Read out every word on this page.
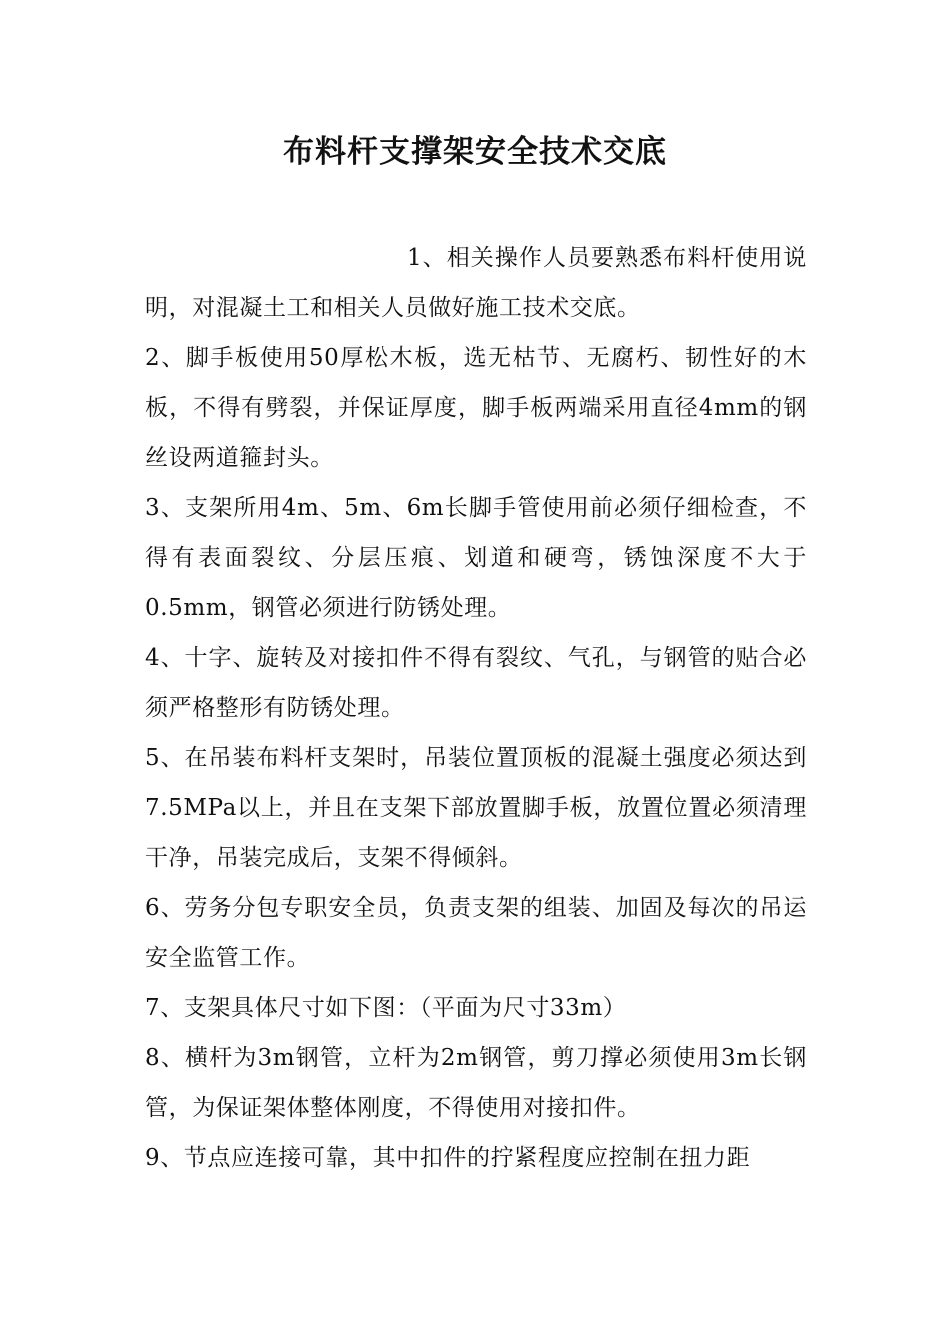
布料杆支撑架安全技术交底

1、相关操作人员要熟悉布料杆使用说明，对混凝土工和相关人员做好施工技术交底。

2、脚手板使用50厚松木板，选无枯节、无腐朽、韧性好的木板，不得有劈裂，并保证厚度，脚手板两端采用直径4mm的钢丝设两道箍封头。

3、支架所用4m、5m、6m长脚手管使用前必须仔细检查，不得有表面裂纹、分层压痕、划道和硬弯，锈蚀深度不大于0.5mm，钢管必须进行防锈处理。

4、十字、旋转及对接扣件不得有裂纹、气孔，与钢管的贴合必须严格整形有防锈处理。

5、在吊装布料杆支架时，吊装位置顶板的混凝土强度必须达到7.5MPa以上，并且在支架下部放置脚手板，放置位置必须清理干净，吊装完成后，支架不得倾斜。

6、劳务分包专职安全员，负责支架的组装、加固及每次的吊运安全监管工作。

7、支架具体尺寸如下图：（平面为尺寸33m）

8、横杆为3m钢管，立杆为2m钢管，剪刀撑必须使用3m长钢管，为保证架体整体刚度，不得使用对接扣件。

9、节点应连接可靠，其中扣件的拧紧程度应控制在扭力距
